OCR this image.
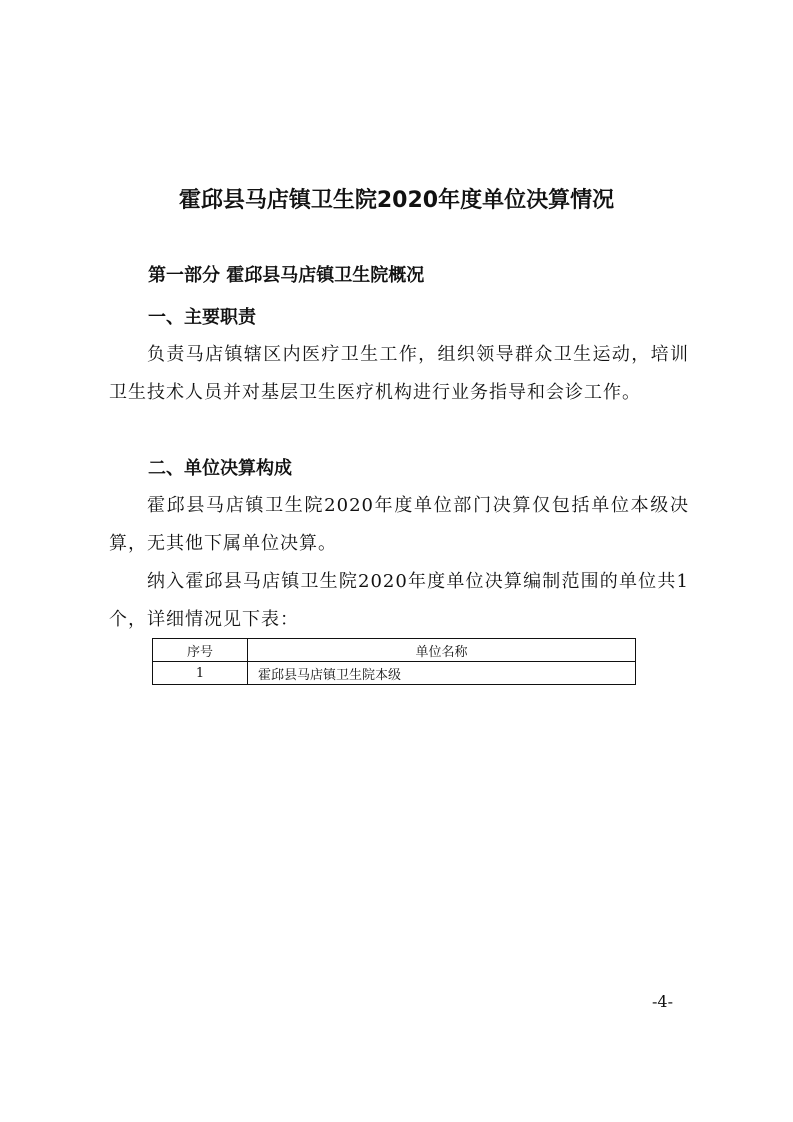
霍邱县马店镇卫生院2020年度单位决算情况
第一部分 霍邱县马店镇卫生院概况
一、主要职责
负责马店镇辖区内医疗卫生工作，组织领导群众卫生运动，培训卫生技术人员并对基层卫生医疗机构进行业务指导和会诊工作。
二、单位决算构成
霍邱县马店镇卫生院2020年度单位部门决算仅包括单位本级决算，无其他下属单位决算。
纳入霍邱县马店镇卫生院2020年度单位决算编制范围的单位共1个，详细情况见下表：
序号	单位名称
1	霍邱县马店镇卫生院本级
-4-
